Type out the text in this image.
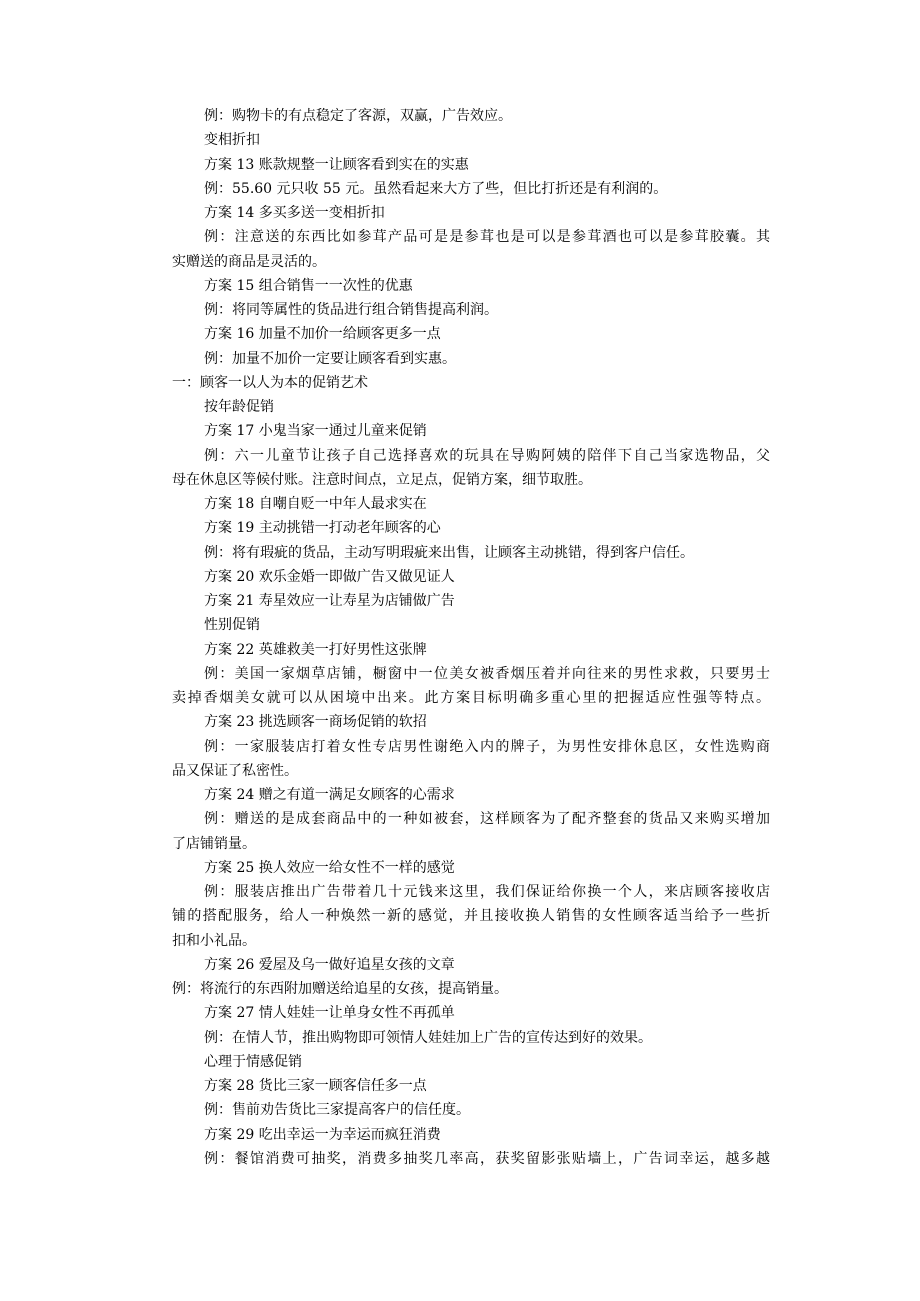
例：购物卡的有点稳定了客源，双赢，广告效应。
变相折扣
方案 13 账款规整一让顾客看到实在的实惠
例：55.60 元只收 55 元。虽然看起来大方了些，但比打折还是有利润的。
方案 14 多买多送一变相折扣
例：注意送的东西比如参茸产品可是是参茸也是可以是参茸酒也可以是参茸胶囊。其
实赠送的商品是灵活的。
方案 15 组合销售一一次性的优惠
例：将同等属性的货品进行组合销售提高利润。
方案 16 加量不加价一给顾客更多一点
例：加量不加价一定要让顾客看到实惠。
一：顾客一以人为本的促销艺术
按年龄促销
方案 17 小鬼当家一通过儿童来促销
例：六一儿童节让孩子自己选择喜欢的玩具在导购阿姨的陪伴下自己当家选物品，父
母在休息区等候付账。注意时间点，立足点，促销方案，细节取胜。
方案 18 自嘲自贬一中年人最求实在
方案 19 主动挑错一打动老年顾客的心
例：将有瑕疵的货品，主动写明瑕疵来出售，让顾客主动挑错，得到客户信任。
方案 20 欢乐金婚一即做广告又做见证人
方案 21 寿星效应一让寿星为店铺做广告
性别促销
方案 22 英雄救美一打好男性这张牌
例：美国一家烟草店铺，橱窗中一位美女被香烟压着并向往来的男性求救，只要男士
卖掉香烟美女就可以从困境中出来。此方案目标明确多重心里的把握适应性强等特点。
方案 23 挑选顾客一商场促销的软招
例：一家服装店打着女性专店男性谢绝入内的牌子，为男性安排休息区，女性选购商
品又保证了私密性。
方案 24 赠之有道一满足女顾客的心需求
例：赠送的是成套商品中的一种如被套，这样顾客为了配齐整套的货品又来购买增加
了店铺销量。
方案 25 换人效应一给女性不一样的感觉
例：服装店推出广告带着几十元钱来这里，我们保证给你换一个人，来店顾客接收店
铺的搭配服务，给人一种焕然一新的感觉，并且接收换人销售的女性顾客适当给予一些折
扣和小礼品。
方案 26 爱屋及乌一做好追星女孩的文章
例：将流行的东西附加赠送给追星的女孩，提高销量。
方案 27 情人娃娃一让单身女性不再孤单
例：在情人节，推出购物即可领情人娃娃加上广告的宣传达到好的效果。
心理于情感促销
方案 28 货比三家一顾客信任多一点
例：售前劝告货比三家提高客户的信任度。
方案 29 吃出幸运一为幸运而疯狂消费
例：餐馆消费可抽奖，消费多抽奖几率高，获奖留影张贴墙上，广告词幸运，越多越
